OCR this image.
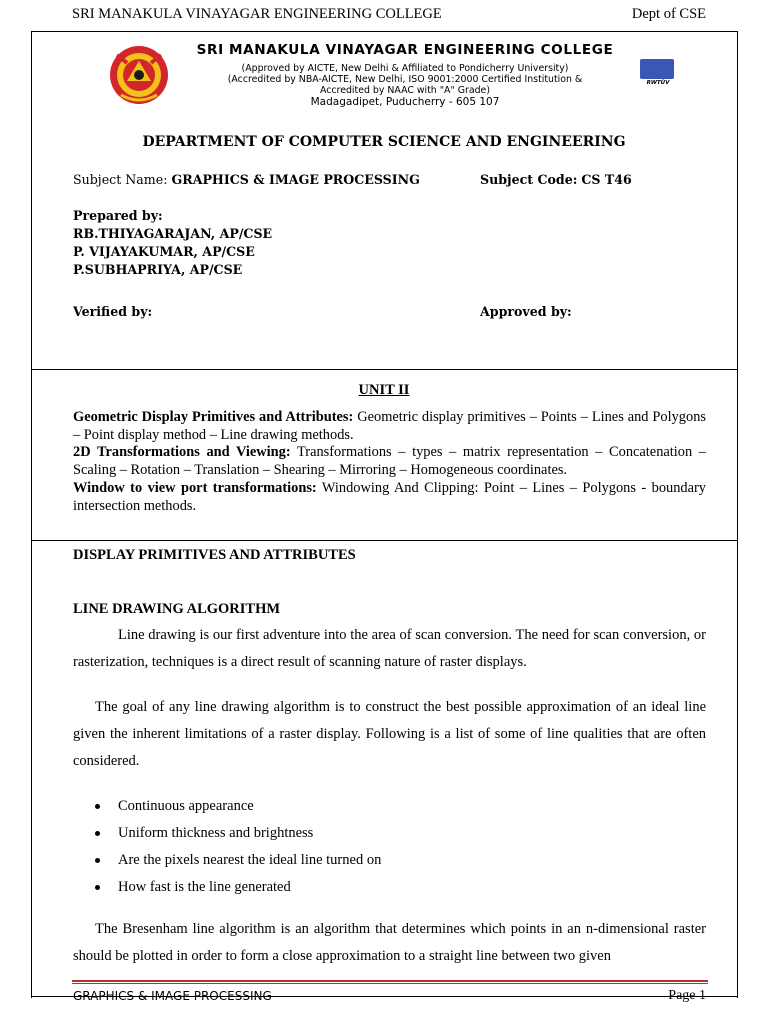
SRI MANAKULA VINAYAGAR ENGINEERING COLLEGE	Dept of CSE
SRI MANAKULA VINAYAGAR ENGINEERING COLLEGE
(Approved by AICTE, New Delhi & Affiliated to Pondicherry University)
(Accredited by NBA-AICTE, New Delhi, ISO 9001:2000 Certified Institution &
Accredited by NAAC with "A" Grade)
Madagadipet, Puducherry - 605 107
RWTÜV
DEPARTMENT OF COMPUTER SCIENCE AND ENGINEERING
Subject Name: GRAPHICS & IMAGE PROCESSING	Subject Code: CS T46
Prepared by:
RB.THIYAGARAJAN, AP/CSE
P. VIJAYAKUMAR, AP/CSE
P.SUBHAPRIYA, AP/CSE
Verified by:	Approved by:
UNIT II
Geometric Display Primitives and Attributes: Geometric display primitives – Points – Lines and Polygons – Point display method – Line drawing methods.
2D Transformations and Viewing: Transformations – types – matrix representation – Concatenation – Scaling – Rotation – Translation – Shearing – Mirroring – Homogeneous coordinates.
Window to view port transformations: Windowing And Clipping: Point – Lines – Polygons - boundary intersection methods.
DISPLAY PRIMITIVES AND ATTRIBUTES
LINE DRAWING ALGORITHM
Line drawing is our first adventure into the area of scan conversion. The need for scan conversion, or rasterization, techniques is a direct result of scanning nature of raster displays.
The goal of any line drawing algorithm is to construct the best possible approximation of an ideal line given the inherent limitations of a raster display. Following is a list of some of line qualities that are often considered.
Continuous appearance
Uniform thickness and brightness
Are the pixels nearest the ideal line turned on
How fast is the line generated
The Bresenham line algorithm is an algorithm that determines which points in an n-dimensional raster should be plotted in order to form a close approximation to a straight line between two given
GRAPHICS & IMAGE PROCESSING	Page 1
